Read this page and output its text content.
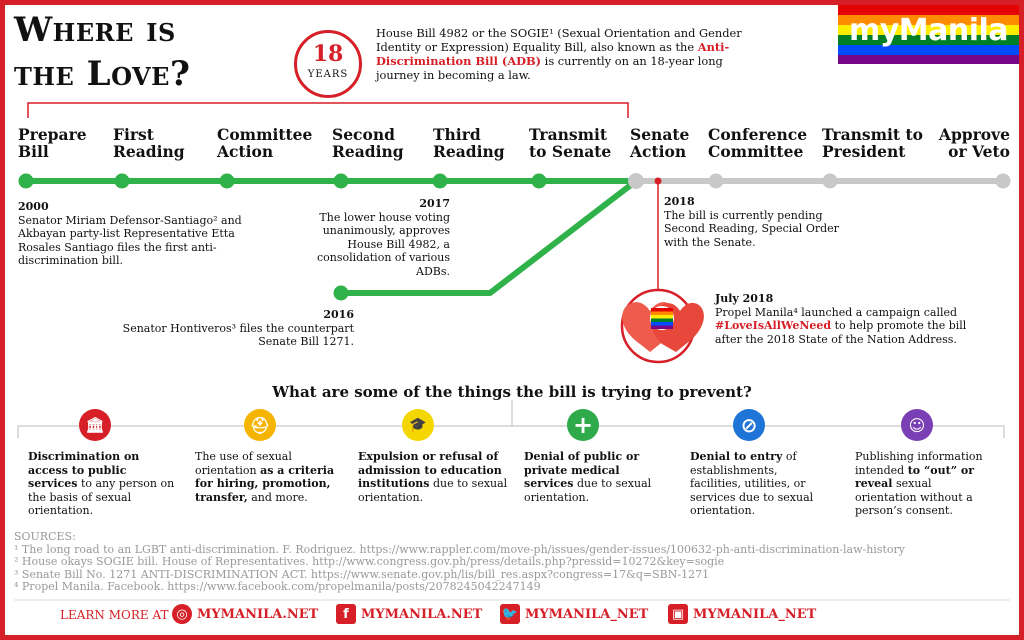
Where is
the Love?	18
YEARS
House Bill 4982 or the SOGIE¹ (Sexual Orientation and Gender Identity or Expression) Equality Bill, also known as the Anti-Discrimination Bill (ADB) is currently on an 18-year long journey in becoming a law.
myManila
Prepare
Bill
First
Reading
Committee
Action
Second
Reading
Third
Reading
Transmit
to Senate
Senate
Action
Conference
Committee
Transmit to
President
Approve
or Veto
2000
Senator Miriam Defensor-Santiago² and Akbayan party-list Representative Etta Rosales Santiago files the first anti-discrimination bill.
2017
The lower house voting unanimously, approves House Bill 4982, a consolidation of various ADBs.
2016
Senator Hontiveros³ files the counterpart Senate Bill 1271.
2018
The bill is currently pending Second Reading, Special Order with the Senate.
July 2018
Propel Manila⁴ launched a campaign called #LoveIsAllWeNeed to help promote the bill after the 2018 State of the Nation Address.
What are some of the things the bill is trying to prevent?
🏛	⛑	🎓	+	⊘	☺
Discrimination on access to public services to any person on the basis of sexual orientation.
The use of sexual orientation as a criteria for hiring, promotion, transfer, and more.
Expulsion or refusal of admission to education institutions due to sexual orientation.
Denial of public or private medical services due to sexual orientation.
Denial to entry of establishments, facilities, utilities, or services due to sexual orientation.
Publishing information intended to “out” or reveal sexual orientation without a person’s consent.
SOURCES:
¹ The long road to an LGBT anti-discrimination. F. Rodriguez. https://www.rappler.com/move-ph/issues/gender-issues/100632-ph-anti-discrimination-law-history
² House okays SOGIE bill. House of Representatives. http://www.congress.gov.ph/press/details.php?pressid=10272&key=sogie
³ Senate Bill No. 1271 ANTI-DISCRIMINATION ACT. https://www.senate.gov.ph/lis/bill_res.aspx?congress=17&q=SBN-1271
⁴ Propel Manila. Facebook. https://www.facebook.com/propelmanila/posts/2078245042247149
LEARN MORE AT ◎ MYMANILA.NET	f MYMANILA.NET 🐦 MYMANILA_NET ▣ MYMANILA_NET
